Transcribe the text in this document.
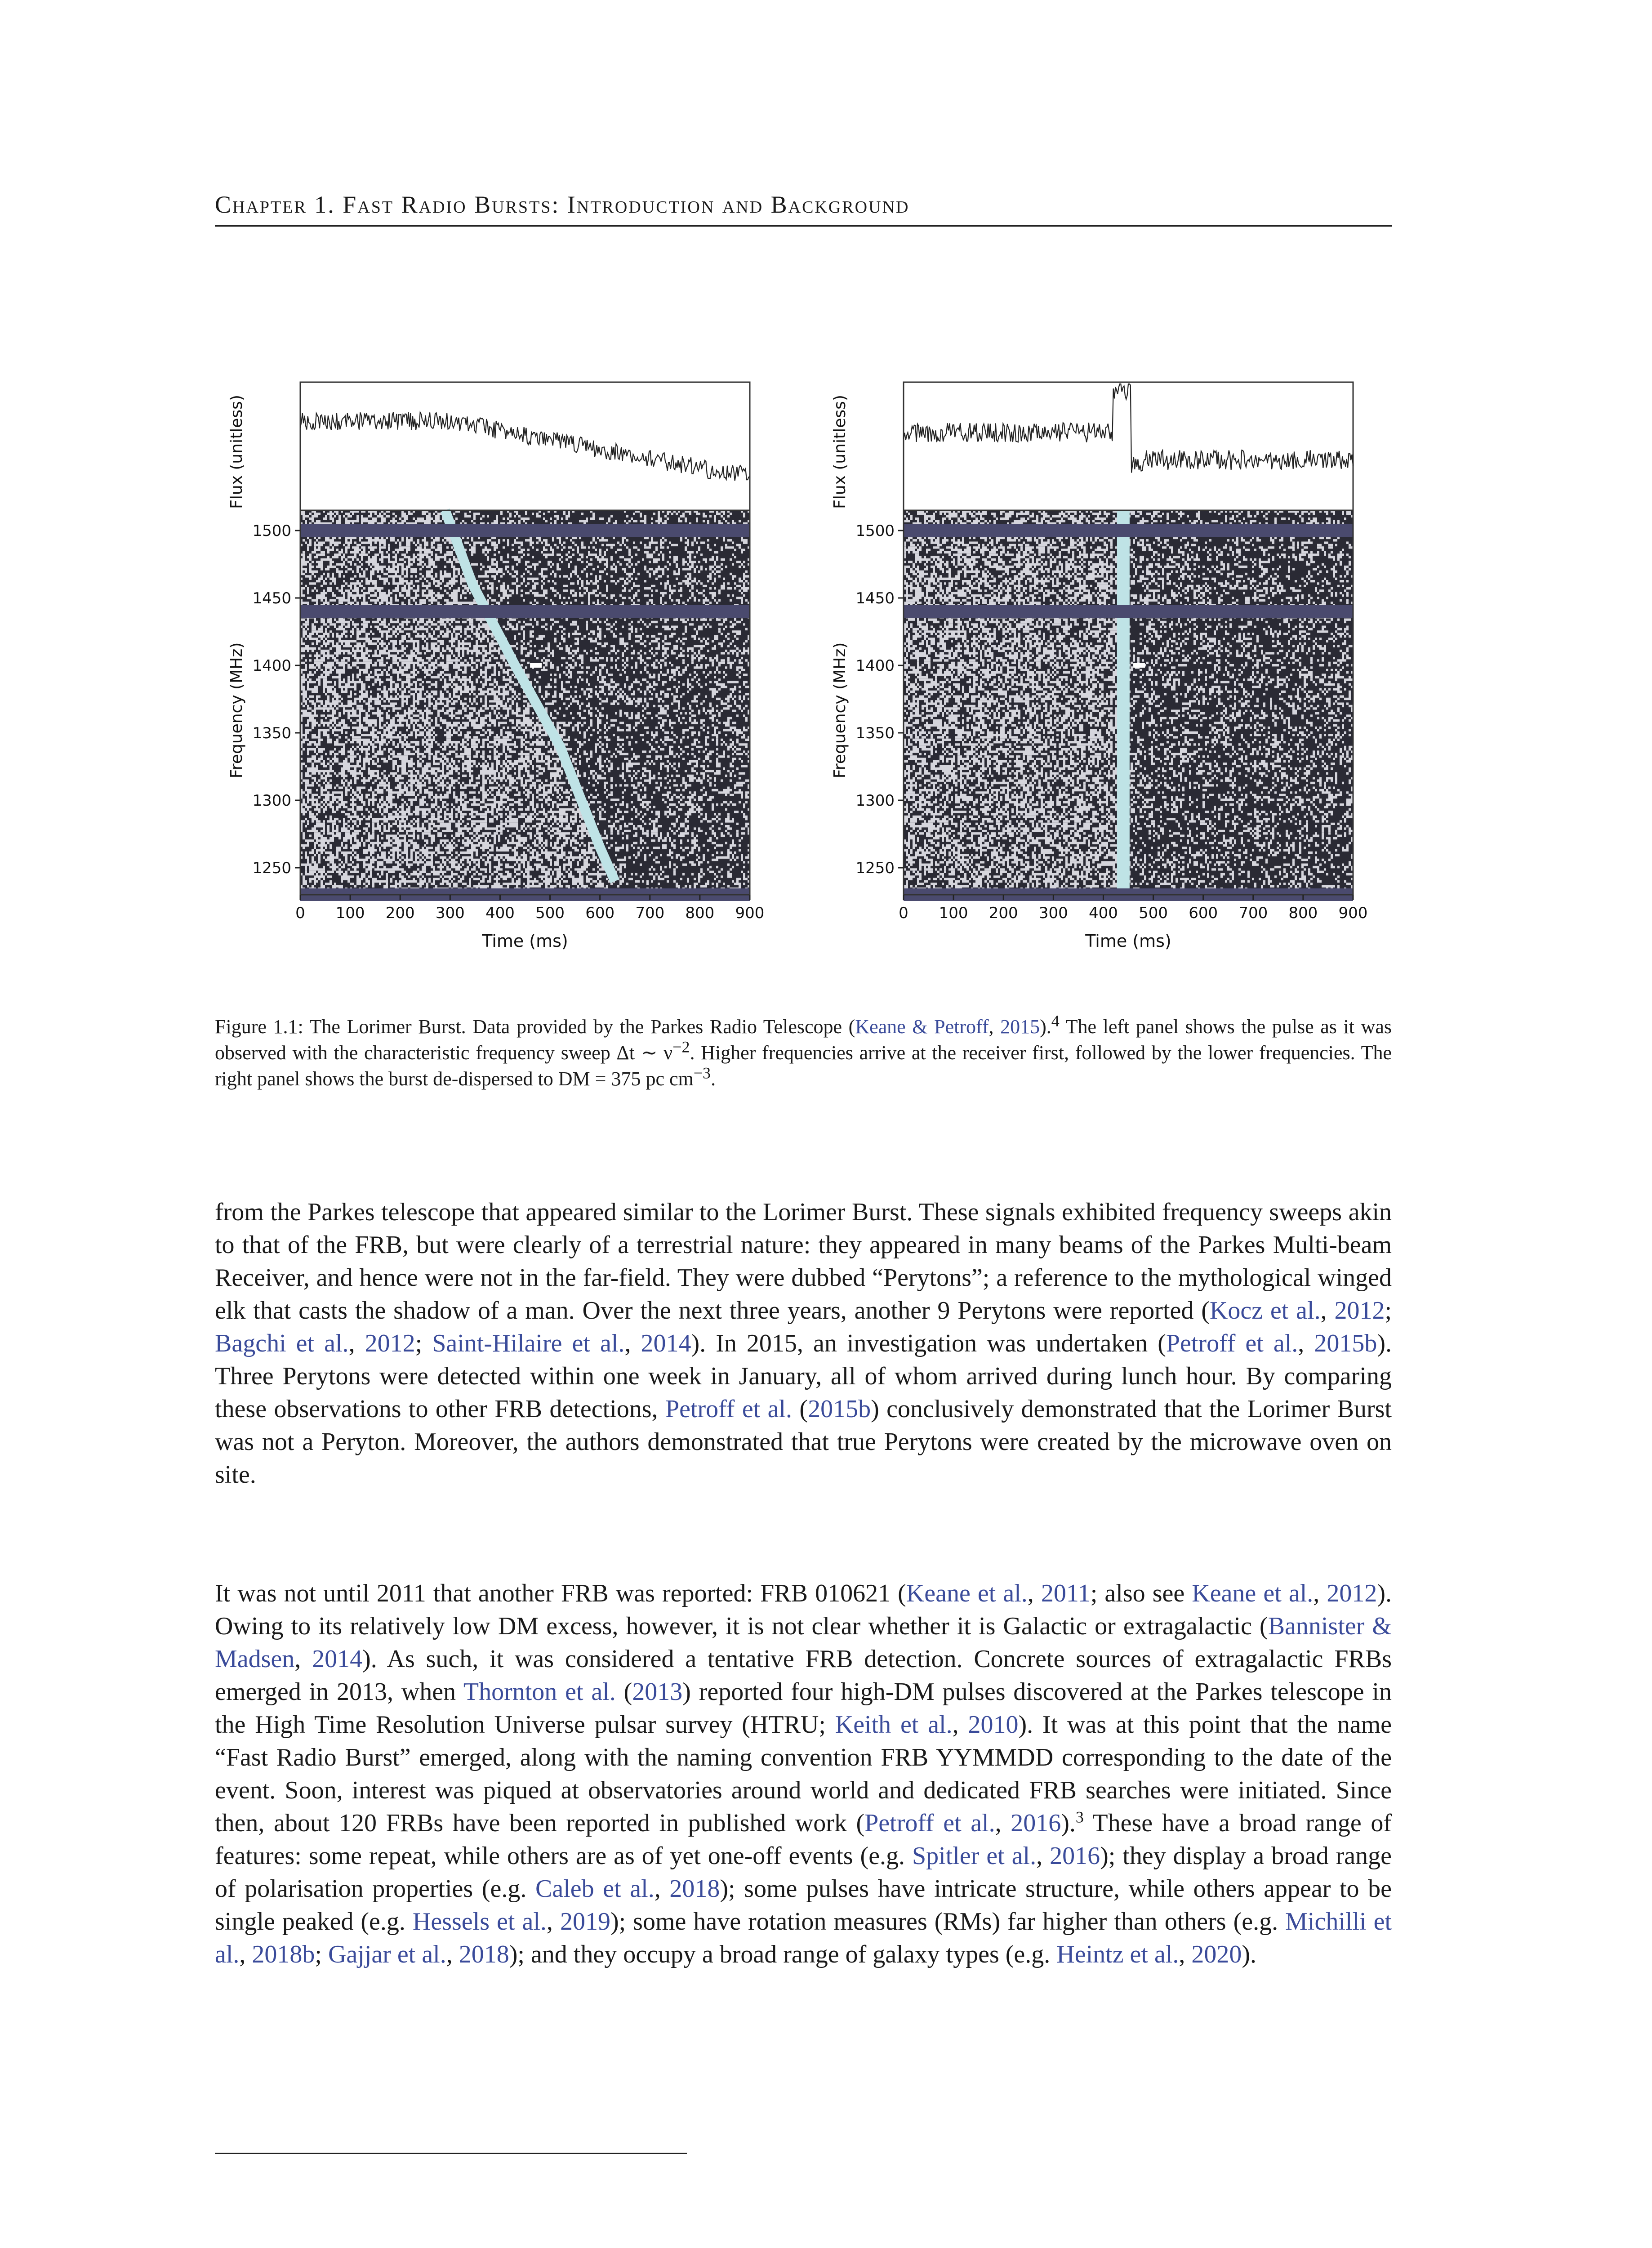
Chapter 1. Fast Radio Bursts: Introduction and Background
1250
1300
1350
1400
1450
1500
0 100 200 300 400 500 600 700 800 900
Flux (unitless)
Frequency (MHz)
Time (ms)
1250
1300
1350
1400
1450
1500
0 100 200 300 400 500 600 700 800 900
Flux (unitless)
Frequency (MHz)
Time (ms)
Figure 1.1: The Lorimer Burst. Data provided by the Parkes Radio Telescope (Keane & Petroff, 2015).$^4$ The left panel shows the pulse as it was observed with the characteristic frequency sweep Δt ∼ $\nu^{-2}$. Higher frequencies arrive at the receiver first, followed by the lower frequencies. The right panel shows the burst de-dispersed to DM = 375 pc $cm^{-3}$.
from the Parkes telescope that appeared similar to the Lorimer Burst. These signals exhibited frequency sweeps akin to that of the FRB, but were clearly of a terrestrial nature: they appeared in many beams of the Parkes Multi-beam Receiver, and hence were not in the far-field. They were dubbed “Perytons”; a reference to the mythological winged elk that casts the shadow of a man. Over the next three years, another 9 Perytons were reported (Kocz et al., 2012; Bagchi et al., 2012; Saint-Hilaire et al., 2014). In 2015, an investigation was undertaken (Petroff et al., 2015b). Three Perytons were detected within one week in January, all of whom arrived during lunch hour. By comparing these observations to other FRB detections, Petroff et al. (2015b) conclusively demonstrated that the Lorimer Burst was not a Peryton. Moreover, the authors demonstrated that true Perytons were created by the microwave oven on site.
It was not until 2011 that another FRB was reported: FRB 010621 (Keane et al., 2011; also see Keane et al., 2012). Owing to its relatively low DM excess, however, it is not clear whether it is Galactic or extragalactic (Bannister & Madsen, 2014). As such, it was considered a tentative FRB detection. Concrete sources of extragalactic FRBs emerged in 2013, when Thornton et al. (2013) reported four high-DM pulses discovered at the Parkes telescope in the High Time Resolution Universe pulsar survey (HTRU; Keith et al., 2010). It was at this point that the name “Fast Radio Burst” emerged, along with the naming convention FRB YYMMDD corresponding to the date of the event. Soon, interest was piqued at observatories around world and dedicated FRB searches were initiated. Since then, about 120 FRBs have been reported in published work (Petroff et al., 2016).$^3$ These have a broad range of features: some repeat, while others are as of yet one-off events (e.g. Spitler et al., 2016); they display a broad range of polarisation properties (e.g. Caleb et al., 2018); some pulses have intricate structure, while others appear to be single peaked (e.g. Hessels et al., 2019); some have rotation measures (RMs) far higher than others (e.g. Michilli et al., 2018b; Gajjar et al., 2018); and they occupy a broad range of galaxy types (e.g. Heintz et al., 2020).
